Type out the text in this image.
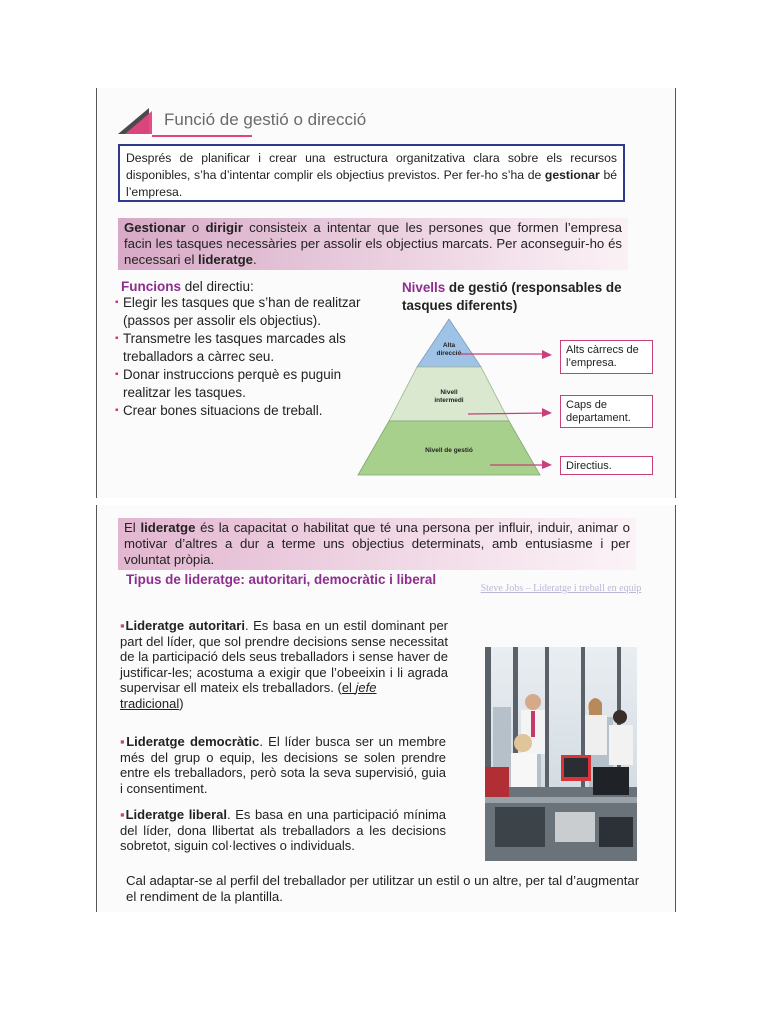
Funció de gestió o direcció
Després de planificar i crear una estructura organitzativa clara sobre els recursos disponibles, s’ha d’intentar complir els objectius previstos. Per fer-ho s’ha de gestionar bé l’empresa.
Gestionar o dirigir consisteix a intentar que les persones que formen l’empresa facin les tasques necessàries per assolir els objectius marcats. Per aconseguir-ho és necessari el lideratge.
Funcions del directiu:
▪ Elegir les tasques que s’han de realitzar (passos per assolir els objectius).
▪ Transmetre les tasques marcades als treballadors a càrrec seu.
▪ Donar instruccions perquè es puguin realitzar les tasques.
▪ Crear bones situacions de treball.
Nivells de gestió (responsables de tasques diferents)
Alta direcció
Nivell intermedi
Nivell de gestió
Alts càrrecs de l’empresa.
Caps de departament.
Directius.
El lideratge és la capacitat o habilitat que té una persona per influir, induir, animar o motivar d’altres a dur a terme uns objectius determinats, amb entusiasme i per voluntat pròpia.
Tipus de lideratge: autoritari, democràtic i liberal
Steve Jobs – Lideratge i treball en equip
▪Lideratge autoritari. Es basa en un estil dominant per part del líder, que sol prendre decisions sense necessitat de la participació dels seus treballadors i sense haver de justificar-les; acostuma a exigir que l’obeeixin i li agrada supervisar ell mateix els treballadors. (el jefe
tradicional)
▪Lideratge democràtic. El líder busca ser un membre més del grup o equip, les decisions se solen prendre entre els treballadors, però sota la seva supervisió, guia i consentiment.
▪Lideratge liberal. Es basa en una participació mínima del líder, dona llibertat als treballadors a les decisions sobretot, siguin col·lectives o individuals.
Cal adaptar-se al perfil del treballador per utilitzar un estil o un altre, per tal d’augmentar el rendiment de la plantilla.
